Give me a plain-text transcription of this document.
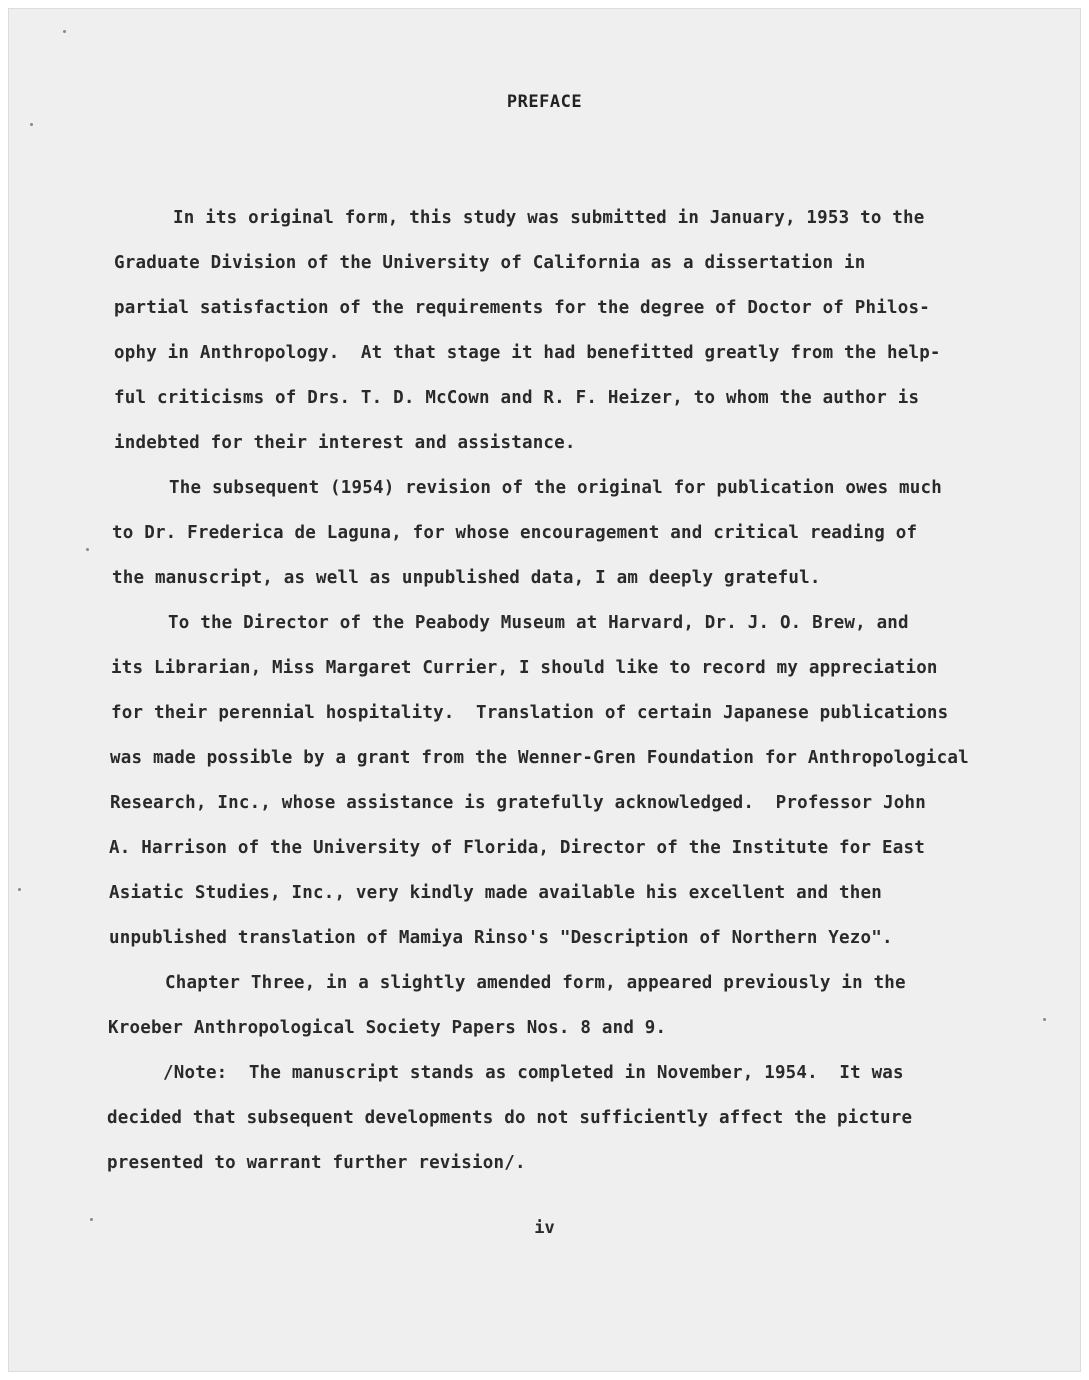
PREFACE
In its original form, this study was submitted in January, 1953 to the
Graduate Division of the University of California as a dissertation in
partial satisfaction of the requirements for the degree of Doctor of Philos-
ophy in Anthropology.  At that stage it had benefitted greatly from the help-
ful criticisms of Drs. T. D. McCown and R. F. Heizer, to whom the author is
indebted for their interest and assistance.
The subsequent (1954) revision of the original for publication owes much
to Dr. Frederica de Laguna, for whose encouragement and critical reading of
the manuscript, as well as unpublished data, I am deeply grateful.
To the Director of the Peabody Museum at Harvard, Dr. J. O. Brew, and
its Librarian, Miss Margaret Currier, I should like to record my appreciation
for their perennial hospitality.  Translation of certain Japanese publications
was made possible by a grant from the Wenner-Gren Foundation for Anthropological
Research, Inc., whose assistance is gratefully acknowledged.  Professor John
A. Harrison of the University of Florida, Director of the Institute for East
Asiatic Studies, Inc., very kindly made available his excellent and then
unpublished translation of Mamiya Rinso's "Description of Northern Yezo".
Chapter Three, in a slightly amended form, appeared previously in the
Kroeber Anthropological Society Papers Nos. 8 and 9.
/Note:  The manuscript stands as completed in November, 1954.  It was
decided that subsequent developments do not sufficiently affect the picture
presented to warrant further revision/.
iv
